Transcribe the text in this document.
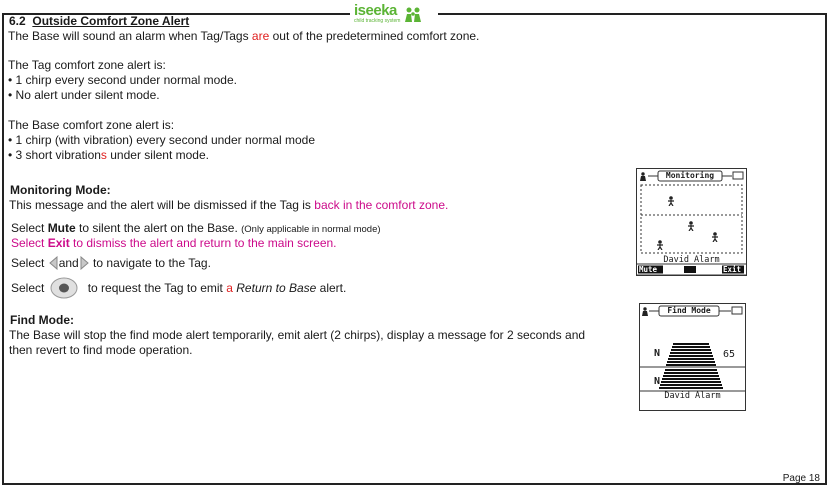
iseeka
child tracking system
6.2 Outside Comfort Zone Alert
The Base will sound an alarm when Tag/Tags are out of the predetermined comfort zone.
The Tag comfort zone alert is:
• 1 chirp every second under normal mode.
• No alert under silent mode.
The Base comfort zone alert is:
• 1 chirp (with vibration) every second under normal mode
• 3 short vibrations under silent mode.
Monitoring Mode:
This message and the alert will be dismissed if the Tag is back in the comfort zone.
Select Mute to silent the alert on the Base. (Only applicable in normal mode)
Select Exit to dismiss the alert and return to the main screen.
Select and to navigate to the Tag.
Select	to request the Tag to emit a Return to Base alert.
Find Mode:
The Base will stop the find mode alert temporarily, emit alert (2 chirps), display a message for 2 seconds and
then revert to find mode operation.
Monitoring
David Alarm
Mute	Exit
Find Mode
N	65
N
David Alarm
Page 18
